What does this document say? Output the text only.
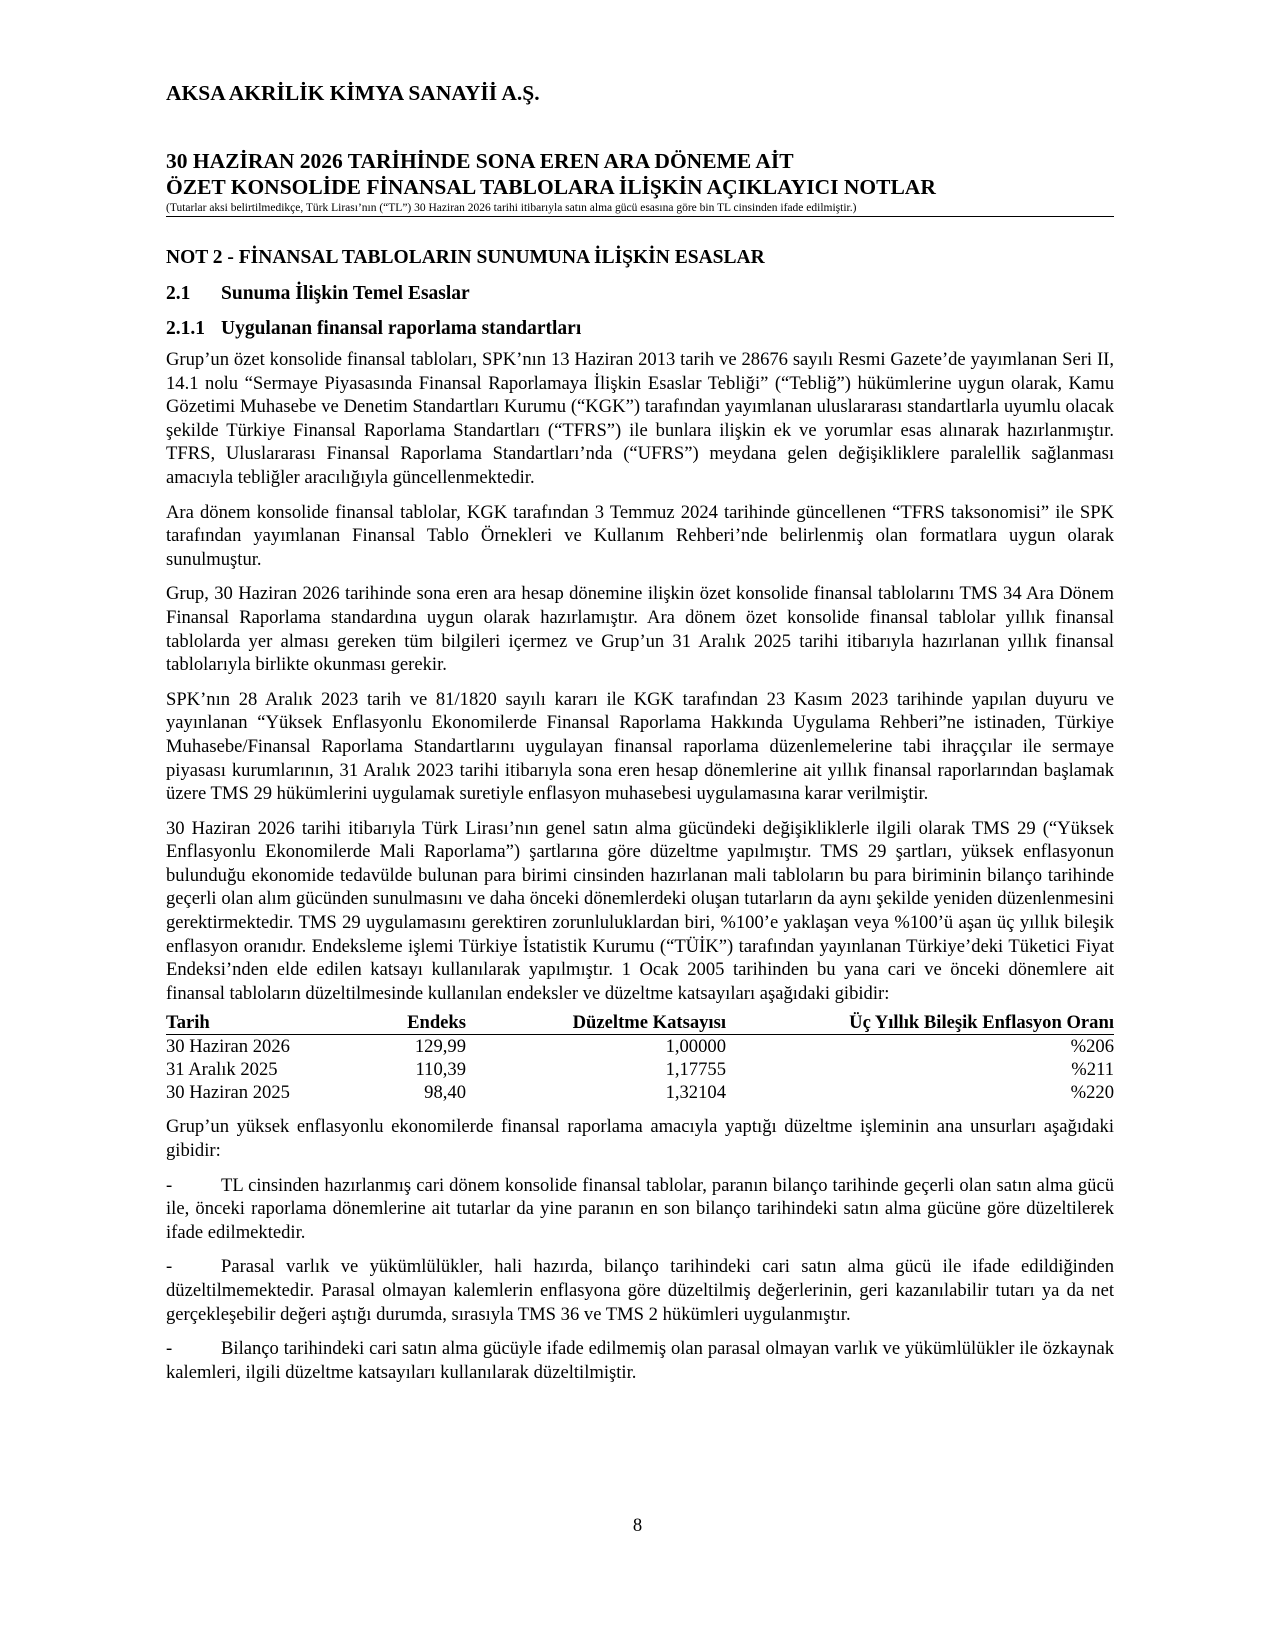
AKSA AKRİLİK KİMYA SANAYİİ A.Ş.
30 HAZİRAN 2026 TARİHİNDE SONA EREN ARA DÖNEME AİT
ÖZET KONSOLİDE FİNANSAL TABLOLARA İLİŞKİN AÇIKLAYICI NOTLAR
(Tutarlar aksi belirtilmedikçe, Türk Lirası’nın (“TL”) 30 Haziran 2026 tarihi itibarıyla satın alma gücü esasına göre bin TL cinsinden ifade edilmiştir.)
NOT 2 - FİNANSAL TABLOLARIN SUNUMUNA İLİŞKİN ESASLAR
2.1 Sunuma İlişkin Temel Esaslar
2.1.1 Uygulanan finansal raporlama standartları

Grup’un özet konsolide finansal tabloları, SPK’nın 13 Haziran 2013 tarih ve 28676 sayılı Resmi Gazete’de yayımlanan Seri II, 14.1 nolu “Sermaye Piyasasında Finansal Raporlamaya İlişkin Esaslar Tebliği” (“Tebliğ”) hükümlerine uygun olarak, Kamu Gözetimi Muhasebe ve Denetim Standartları Kurumu (“KGK”) tarafından yayımlanan uluslararası standartlarla uyumlu olacak şekilde Türkiye Finansal Raporlama Standartları (“TFRS”) ile bunlara ilişkin ek ve yorumlar esas alınarak hazırlanmıştır. TFRS, Uluslararası Finansal Raporlama Standartları’nda (“UFRS”) meydana gelen değişikliklere paralellik sağlanması amacıyla tebliğler aracılığıyla güncellenmektedir.

Ara dönem konsolide finansal tablolar, KGK tarafından 3 Temmuz 2024 tarihinde güncellenen “TFRS taksonomisi” ile SPK tarafından yayımlanan Finansal Tablo Örnekleri ve Kullanım Rehberi’nde belirlenmiş olan formatlara uygun olarak sunulmuştur.

Grup, 30 Haziran 2026 tarihinde sona eren ara hesap dönemine ilişkin özet konsolide finansal tablolarını TMS 34 Ara Dönem Finansal Raporlama standardına uygun olarak hazırlamıştır. Ara dönem özet konsolide finansal tablolar yıllık finansal tablolarda yer alması gereken tüm bilgileri içermez ve Grup’un 31 Aralık 2025 tarihi itibarıyla hazırlanan yıllık finansal tablolarıyla birlikte okunması gerekir.

SPK’nın 28 Aralık 2023 tarih ve 81/1820 sayılı kararı ile KGK tarafından 23 Kasım 2023 tarihinde yapılan duyuru ve yayınlanan “Yüksek Enflasyonlu Ekonomilerde Finansal Raporlama Hakkında Uygulama Rehberi”ne istinaden, Türkiye Muhasebe/Finansal Raporlama Standartlarını uygulayan finansal raporlama düzenlemelerine tabi ihraççılar ile sermaye piyasası kurumlarının, 31 Aralık 2023 tarihi itibarıyla sona eren hesap dönemlerine ait yıllık finansal raporlarından başlamak üzere TMS 29 hükümlerini uygulamak suretiyle enflasyon muhasebesi uygulamasına karar verilmiştir.

30 Haziran 2026 tarihi itibarıyla Türk Lirası’nın genel satın alma gücündeki değişikliklerle ilgili olarak TMS 29 (“Yüksek Enflasyonlu Ekonomilerde Mali Raporlama”) şartlarına göre düzeltme yapılmıştır. TMS 29 şartları, yüksek enflasyonun bulunduğu ekonomide tedavülde bulunan para birimi cinsinden hazırlanan mali tabloların bu para biriminin bilanço tarihinde geçerli olan alım gücünden sunulmasını ve daha önceki dönemlerdeki oluşan tutarların da aynı şekilde yeniden düzenlenmesini gerektirmektedir. TMS 29 uygulamasını gerektiren zorunluluklardan biri, %100’e yaklaşan veya %100’ü aşan üç yıllık bileşik enflasyon oranıdır. Endeksleme işlemi Türkiye İstatistik Kurumu (“TÜİK”) tarafından yayınlanan Türkiye’deki Tüketici Fiyat Endeksi’nden elde edilen katsayı kullanılarak yapılmıştır. 1 Ocak 2005 tarihinden bu yana cari ve önceki dönemlere ait finansal tabloların düzeltilmesinde kullanılan endeksler ve düzeltme katsayıları aşağıdaki gibidir:

Tarih	Endeks	Düzeltme Katsayısı	Üç Yıllık Bileşik Enflasyon Oranı
30 Haziran 2026	129,99	1,00000	%206
31 Aralık 2025	110,39	1,17755	%211
30 Haziran 2025	98,40	1,32104	%220

Grup’un yüksek enflasyonlu ekonomilerde finansal raporlama amacıyla yaptığı düzeltme işleminin ana unsurları aşağıdaki gibidir:

-	TL cinsinden hazırlanmış cari dönem konsolide finansal tablolar, paranın bilanço tarihinde geçerli olan satın alma gücü ile, önceki raporlama dönemlerine ait tutarlar da yine paranın en son bilanço tarihindeki satın alma gücüne göre düzeltilerek ifade edilmektedir.
-	Parasal varlık ve yükümlülükler, hali hazırda, bilanço tarihindeki cari satın alma gücü ile ifade edildiğinden düzeltilmemektedir. Parasal olmayan kalemlerin enflasyona göre düzeltilmiş değerlerinin, geri kazanılabilir tutarı ya da net gerçekleşebilir değeri aştığı durumda, sırasıyla TMS 36 ve TMS 2 hükümleri uygulanmıştır.
-	Bilanço tarihindeki cari satın alma gücüyle ifade edilmemiş olan parasal olmayan varlık ve yükümlülükler ile özkaynak kalemleri, ilgili düzeltme katsayıları kullanılarak düzeltilmiştir.
8
